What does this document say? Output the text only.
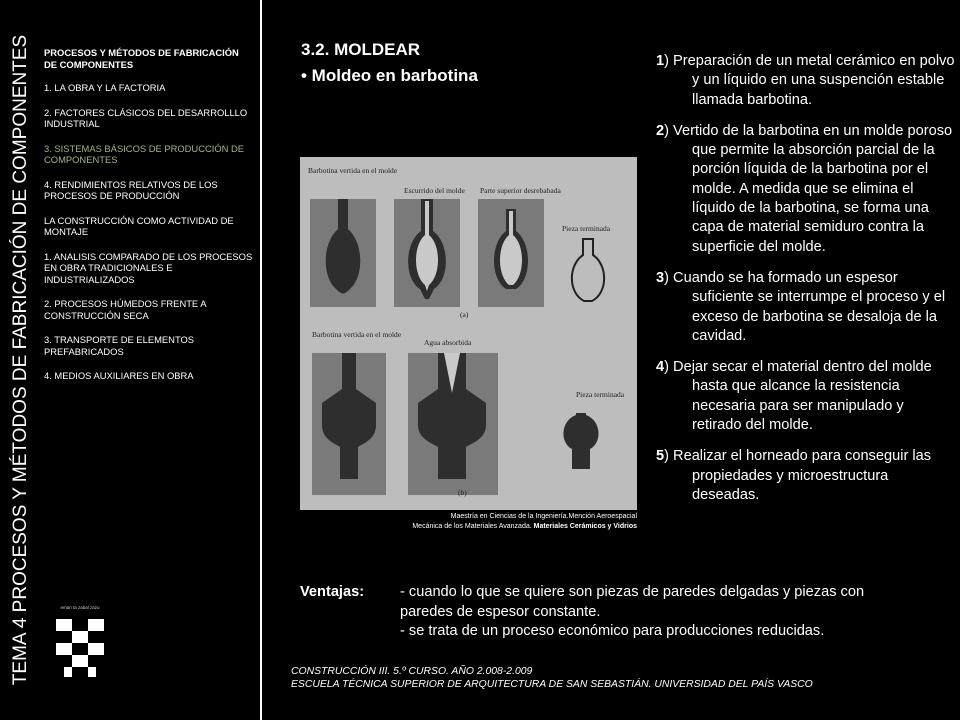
TEMA 4 PROCESOS Y MÉTODOS DE FABRICACIÓN DE COMPONENTES PROCESOS Y MÉTODOS DE FABRICACIÓN
DE COMPONENTES
1. LA OBRA Y LA FACTORIA
2. FACTORES CLÁSICOS DEL DESARROLLLO INDUSTRIAL
3. SISTEMAS BÁSICOS DE PRODUCCIÓN DE COMPONENTES
4. RENDIMIENTOS RELATIVOS DE LOS PROCESOS DE PRODUCCIÓN
LA CONSTRUCCIÓN COMO ACTIVIDAD DE MONTAJE
1. ANALISIS COMPARADO DE LOS PROCESOS EN OBRA TRADICIONALES E INDUSTRIALIZADOS
2. PROCESOS HÚMEDOS FRENTE A CONSTRUCCIÓN SECA
3. TRANSPORTE DE ELEMENTOS PREFABRICADOS
4. MEDIOS AUXILIARES EN OBRA
eman ta zabal zazu
3.2. MOLDEAR
• Moldeo en barbotina
Barbotina vertida en el molde
Escurrido del molde Parte superior desrebabada
Pieza terminada
(a)
Barbotina vertida en el molde
Agua absorbida
Pieza terminada
(b)
Maestría en Ciencias de la Ingeniería.Mención Aeroespacial
Mecánica de los Materiales Avanzada. Materiales Cerámicos y Vidrios
1) Preparación de un metal cerámico en polvo y un líquido en una suspención estable llamada barbotina.
2) Vertido de la barbotina en un molde poroso que permite la absorción parcial de la porción líquida de la barbotina por el molde. A medida que se elimina el líquido de la barbotina, se forma una capa de material semiduro contra la superficie del molde.
3) Cuando se ha formado un espesor suficiente se interrumpe el proceso y el exceso de barbotina se desaloja de la cavidad.
4) Dejar secar el material dentro del molde hasta que alcance la resistencia necesaria para ser manipulado y retirado del molde.
5) Realizar el horneado para conseguir las propiedades y microestructura deseadas.
Ventajas: - cuando lo que se quiere son piezas de paredes delgadas y piezas con
paredes de espesor constante.
- se trata de un proceso económico para producciones reducidas.
CONSTRUCCIÓN III. 5.º CURSO. AÑO 2.008-2.009
ESCUELA TÉCNICA SUPERIOR DE ARQUITECTURA DE SAN SEBASTIÁN. UNIVERSIDAD DEL PAÍS VASCO
